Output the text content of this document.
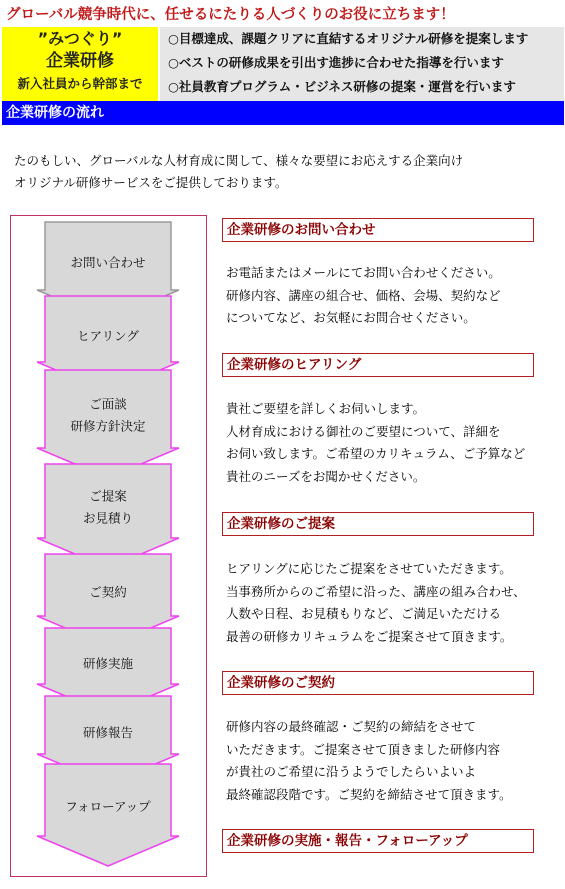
グローバル競争時代に、任せるにたりる人づくりのお役に立ちます！
”みつぐり”
企業研修
新入社員から幹部まで
○目標達成、課題クリアに直結するオリジナル研修を提案します
○ベストの研修成果を引出す進捗に合わせた指導を行います
○社員教育プログラム・ビジネス研修の提案・運営を行います
企業研修の流れ
たのもしい、グローバルな人材育成に関して、様々な要望にお応えする企業向け
オリジナル研修サービスをご提供しております。
お問い合わせ
ヒアリング
ご面談
研修方針決定
ご提案
お見積り
ご契約
研修実施
研修報告
フォローアップ
企業研修のお問い合わせ
お電話またはメールにてお問い合わせください。
研修内容、講座の組合せ、価格、会場、契約など
についてなど、お気軽にお問合せください。
企業研修のヒアリング
貴社ご要望を詳しくお伺いします。
人材育成における御社のご要望について、詳細を
お伺い致します。ご希望のカリキュラム、ご予算など
貴社のニーズをお聞かせください。
企業研修のご提案
ヒアリングに応じたご提案をさせていただきます。
当事務所からのご希望に沿った、講座の組み合わせ、
人数や日程、お見積もりなど、ご満足いただける
最善の研修カリキュラムをご提案させて頂きます。
企業研修のご契約
研修内容の最終確認・ご契約の締結をさせて
いただきます。ご提案させて頂きました研修内容
が貴社のご希望に沿うようでしたらいよいよ
最終確認段階です。ご契約を締結させて頂きます。
企業研修の実施・報告・フォローアップ
